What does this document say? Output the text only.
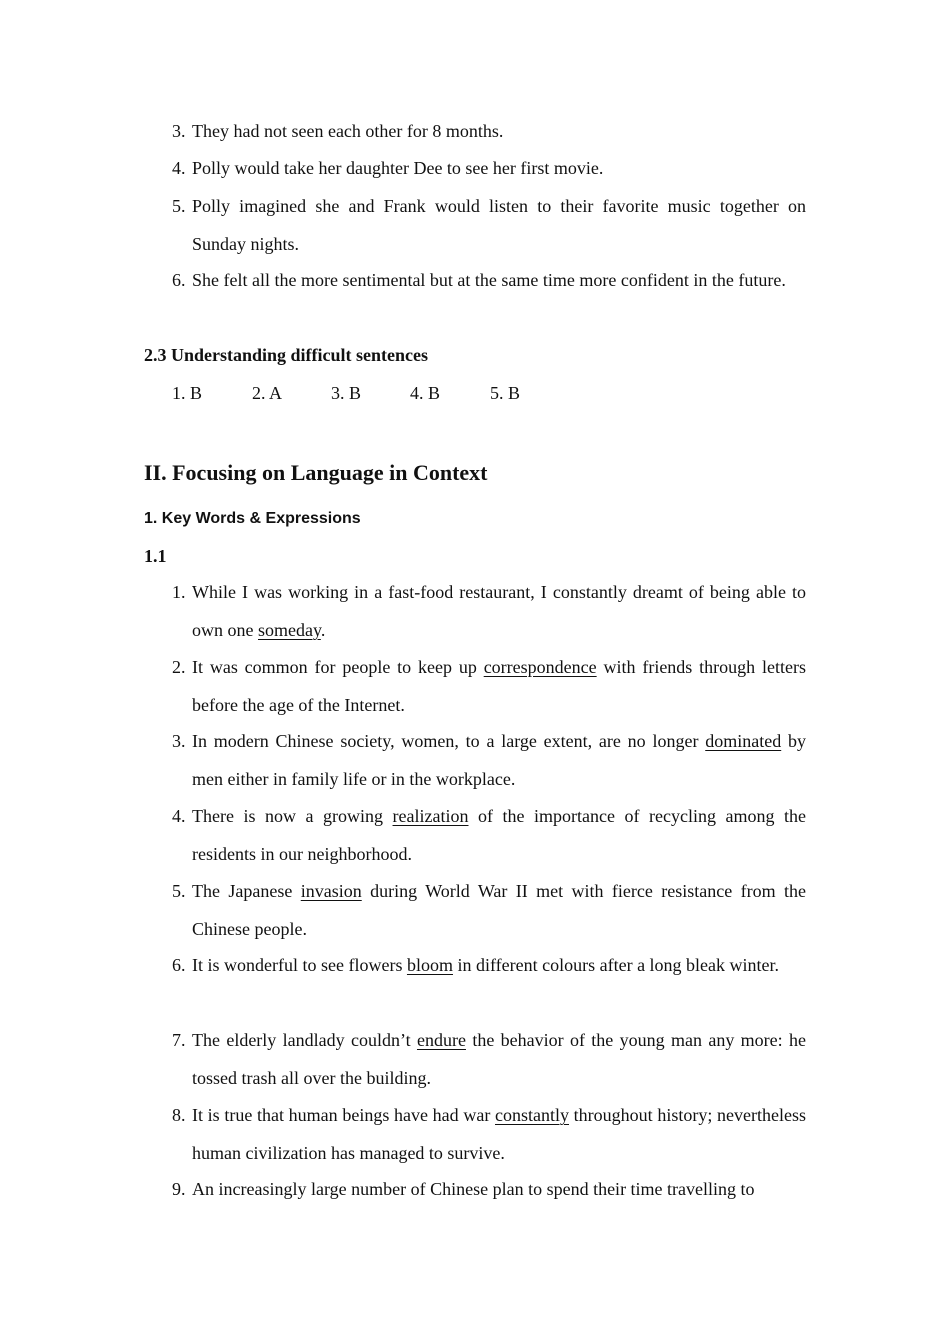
3. They had not seen each other for 8 months.
4. Polly would take her daughter Dee to see her first movie.
5. Polly imagined she and Frank would listen to their favorite music together on Sunday nights.
6. She felt all the more sentimental but at the same time more confident in the future.
2.3 Understanding difficult sentences
1. B	2. A	3. B	4. B	5. B
II. Focusing on Language in Context
1. Key Words & Expressions
1.1
1. While I was working in a fast-food restaurant, I constantly dreamt of being able to own one someday.
2. It was common for people to keep up correspondence with friends through letters before the age of the Internet.
3. In modern Chinese society, women, to a large extent, are no longer dominated by men either in family life or in the workplace.
4. There is now a growing realization of the importance of recycling among the residents in our neighborhood.
5. The Japanese invasion during World War II met with fierce resistance from the Chinese people.
6. It is wonderful to see flowers bloom in different colours after a long bleak winter.
7. The elderly landlady couldn’t endure the behavior of the young man any more: he tossed trash all over the building.
8. It is true that human beings have had war constantly throughout history; nevertheless human civilization has managed to survive.
9. An increasingly large number of Chinese plan to spend their time travelling to
